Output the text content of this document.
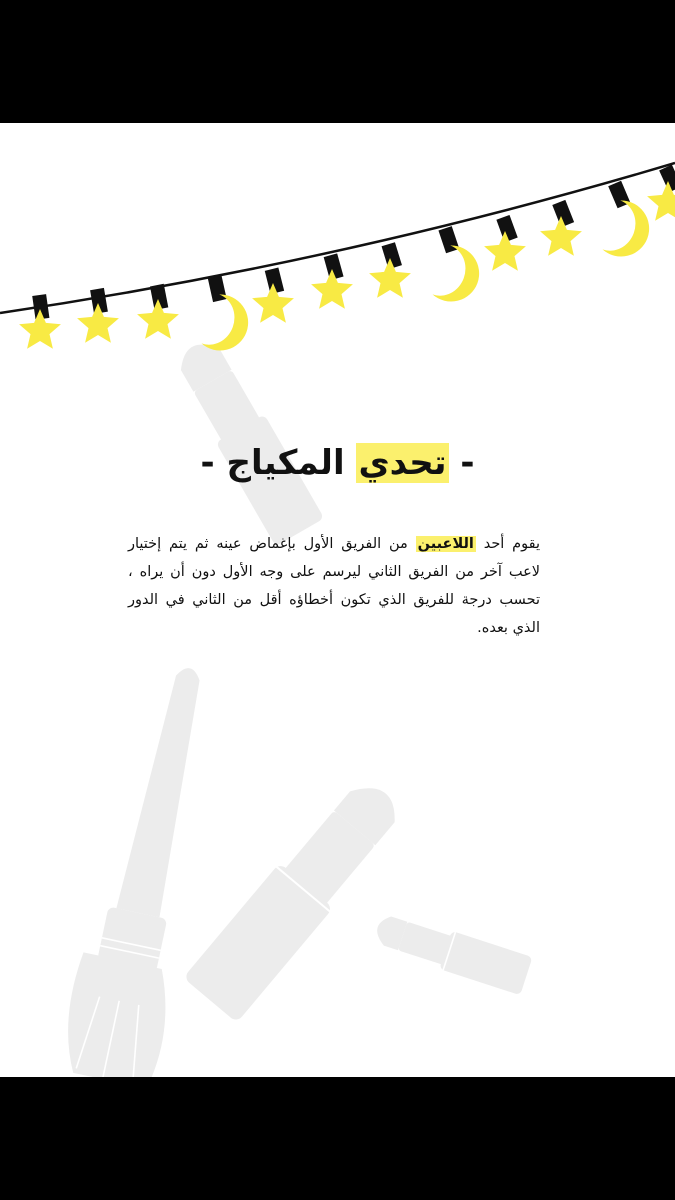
- تحدي المكياج -

يقوم أحد اللاعبين من الفريق الأول بإغماض عينه ثم يتم إختيار لاعب آخر من الفريق الثاني ليرسم على وجه الأول دون أن يراه ، تحسب درجة للفريق الذي تكون أخطاؤه أقل من الثاني في الدور الذي بعده.
